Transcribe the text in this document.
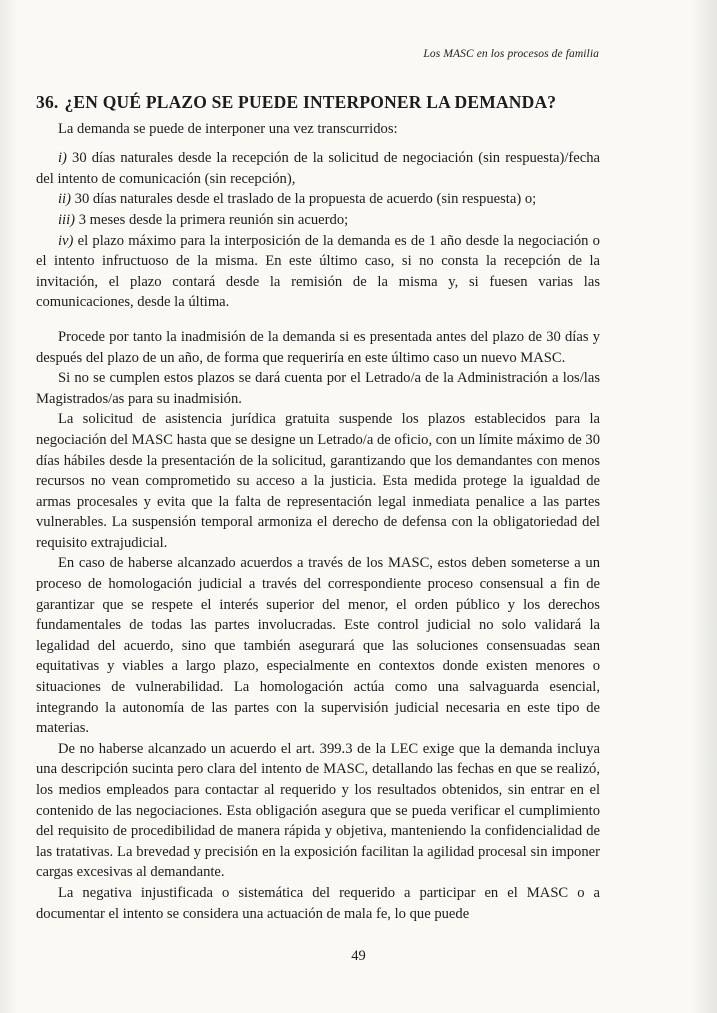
Los MASC en los procesos de familia
36. ¿EN QUÉ PLAZO SE PUEDE INTERPONER LA DEMANDA?

La demanda se puede de interponer una vez transcurridos:

i) 30 días naturales desde la recepción de la solicitud de negociación (sin respuesta)/fecha del intento de comunicación (sin recepción),

ii) 30 días naturales desde el traslado de la propuesta de acuerdo (sin respuesta) o;

iii) 3 meses desde la primera reunión sin acuerdo;

iv) el plazo máximo para la interposición de la demanda es de 1 año desde la negociación o el intento infructuoso de la misma. En este último caso, si no consta la recepción de la invitación, el plazo contará desde la remisión de la misma y, si fuesen varias las comunicaciones, desde la última.

Procede por tanto la inadmisión de la demanda si es presentada antes del plazo de 30 días y después del plazo de un año, de forma que requeriría en este último caso un nuevo MASC.

Si no se cumplen estos plazos se dará cuenta por el Letrado/a de la Administración a los/las Magistrados/as para su inadmisión.

La solicitud de asistencia jurídica gratuita suspende los plazos establecidos para la negociación del MASC hasta que se designe un Letrado/a de oficio, con un límite máximo de 30 días hábiles desde la presentación de la solicitud, garantizando que los demandantes con menos recursos no vean comprometido su acceso a la justicia. Esta medida protege la igualdad de armas procesales y evita que la falta de representación legal inmediata penalice a las partes vulnerables. La suspensión temporal armoniza el derecho de defensa con la obligatoriedad del requisito extrajudicial.

En caso de haberse alcanzado acuerdos a través de los MASC, estos deben someterse a un proceso de homologación judicial a través del correspondiente proceso consensual a fin de garantizar que se respete el interés superior del menor, el orden público y los derechos fundamentales de todas las partes involucradas. Este control judicial no solo validará la legalidad del acuerdo, sino que también asegurará que las soluciones consensuadas sean equitativas y viables a largo plazo, especialmente en contextos donde existen menores o situaciones de vulnerabilidad. La homologación actúa como una salvaguarda esencial, integrando la autonomía de las partes con la supervisión judicial necesaria en este tipo de materias.

De no haberse alcanzado un acuerdo el art. 399.3 de la LEC exige que la demanda incluya una descripción sucinta pero clara del intento de MASC, detallando las fechas en que se realizó, los medios empleados para contactar al requerido y los resultados obtenidos, sin entrar en el contenido de las negociaciones. Esta obligación asegura que se pueda verificar el cumplimiento del requisito de procedibilidad de manera rápida y objetiva, manteniendo la confidencialidad de las tratativas. La brevedad y precisión en la exposición facilitan la agilidad procesal sin imponer cargas excesivas al demandante.

La negativa injustificada o sistemática del requerido a participar en el MASC o a documentar el intento se considera una actuación de mala fe, lo que puede

49
